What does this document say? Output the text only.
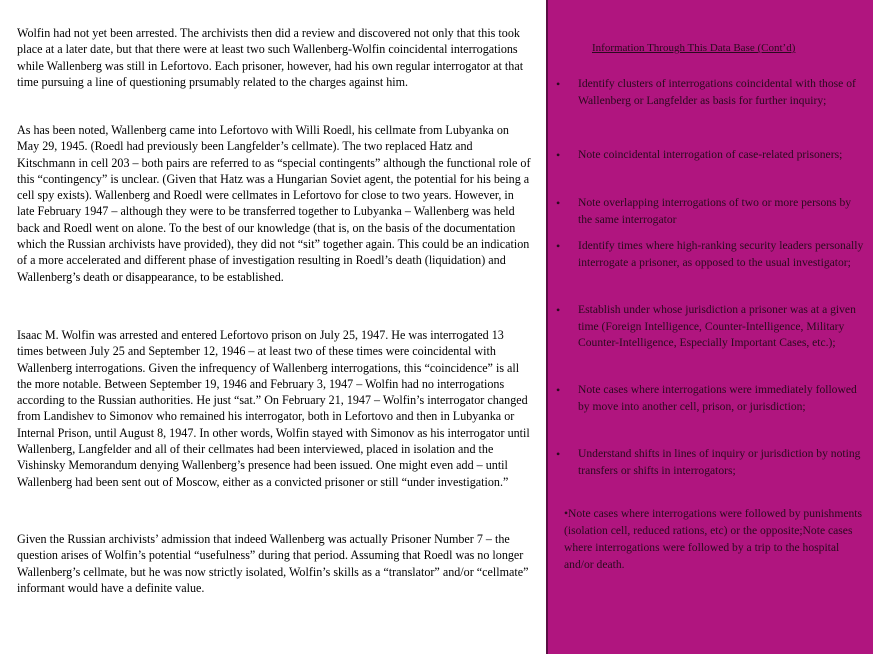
Wolfin had not yet been arrested. The archivists then did a review and discovered not only that this took place at a later date, but that there were at least two such Wallenberg-Wolfin coincidental interrogations while Wallenberg was still in Lefortovo. Each prisoner, however, had his own regular interrogator at that time pursuing a line of questioning prsumably related to the charges against him.

As has been noted, Wallenberg came into Lefortovo with Willi Roedl, his cellmate from Lubyanka on May 29, 1945. (Roedl had previously been Langfelder’s cellmate). The two replaced Hatz and Kitschmann in cell 203 – both pairs are referred to as “special contingents” although the functional role of this “contingency” is unclear. (Given that Hatz was a Hungarian Soviet agent, the potential for his being a cell spy exists). Wallenberg and Roedl were cellmates in Lefortovo for close to two years. However, in late February 1947 – although they were to be transferred together to Lubyanka – Wallenberg was held back and Roedl went on alone. To the best of our knowledge (that is, on the basis of the documentation which the Russian archivists have provided), they did not “sit” together again. This could be an indication of a more accelerated and different phase of investigation resulting in Roedl’s death (liquidation) and Wallenberg’s death or disappearance, to be established.

Isaac M. Wolfin was arrested and entered Lefortovo prison on July 25, 1947. He was interrogated 13 times between July 25 and September 12, 1946 – at least two of these times were coincidental with Wallenberg interrogations. Given the infrequency of Wallenberg interrogations, this “coincidence” is all the more notable. Between September 19, 1946 and February 3, 1947 – Wolfin had no interrogations according to the Russian authorities. He just “sat.” On February 21, 1947 – Wolfin’s interrogator changed from Landishev to Simonov who remained his interrogator, both in Lefortovo and then in Lubyanka or Internal Prison, until August 8, 1947. In other words, Wolfin stayed with Simonov as his interrogator until Wallenberg, Langfelder and all of their cellmates had been interviewed, placed in isolation and the Vishinsky Memorandum denying Wallenberg’s presence had been issued. One might even add – until Wallenberg had been sent out of Moscow, either as a convicted prisoner or still “under investigation.”

Given the Russian archivists’ admission that indeed Wallenberg was actually Prisoner Number 7 – the question arises of Wolfin’s potential “usefulness” during that period. Assuming that Roedl was no longer Wallenberg’s cellmate, but he was now strictly isolated, Wolfin’s skills as a “translator” and/or “cellmate” informant would have a definite value.

Information Through This Data Base (Cont’d)

•	Identify clusters of interrogations coincidental with those of Wallenberg or Langfelder as basis for further inquiry;
•	Note coincidental interrogation of case-related prisoners;
•	Note overlapping interrogations of two or more persons by the same interrogator
•	Identify times where high-ranking security leaders personally interrogate a prisoner, as opposed to the usual investigator;
•	Establish under whose jurisdiction a prisoner was at a given time (Foreign Intelligence, Counter-Intelligence, Military Counter-Intelligence, Especially Important Cases, etc.);
•	Note cases where interrogations were immediately followed by move into another cell, prison, or jurisdiction;
•	Understand shifts in lines of inquiry or jurisdiction by noting transfers or shifts in interrogators;

•Note cases where interrogations were followed by punishments (isolation cell, reduced rations, etc) or the opposite;Note cases where interrogations were followed by a trip to the hospital and/or death.
